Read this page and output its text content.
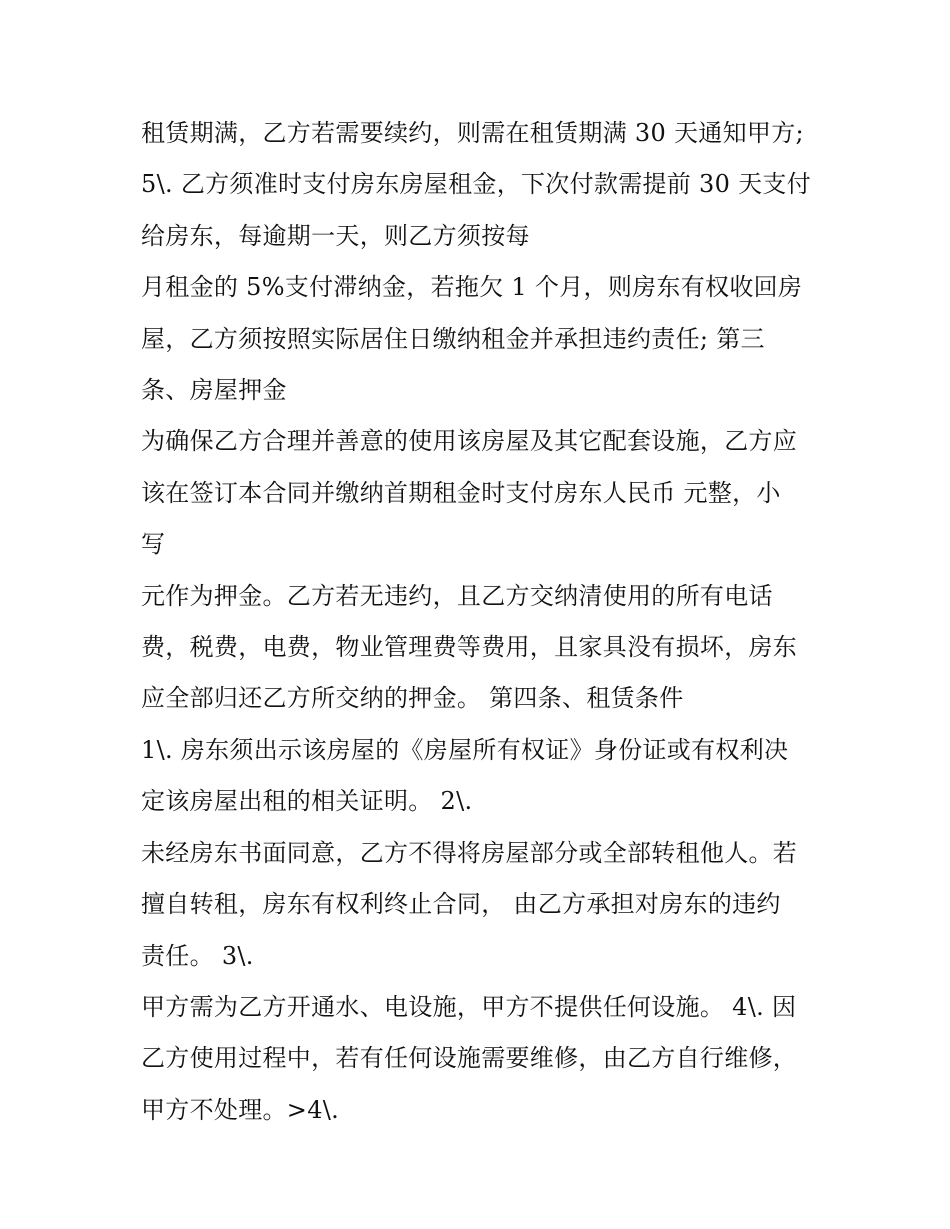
租赁期满，乙方若需要续约，则需在租赁期满 30 天通知甲方;
5\. 乙方须准时支付房东房屋租金，下次付款需提前 30 天支付
给房东，每逾期一天，则乙方须按每
月租金的 5%支付滞纳金，若拖欠 1 个月，则房东有权收回房
屋，乙方须按照实际居住日缴纳租金并承担违约责任; 第三
条、房屋押金
为确保乙方合理并善意的使用该房屋及其它配套设施，乙方应
该在签订本合同并缴纳首期租金时支付房东人民币 元整，小
写
元作为押金。乙方若无违约，且乙方交纳清使用的所有电话
费，税费，电费，物业管理费等费用，且家具没有损坏，房东
应全部归还乙方所交纳的押金。 第四条、租赁条件
1\. 房东须出示该房屋的《房屋所有权证》身份证或有权利决
定该房屋出租的相关证明。 2\.
未经房东书面同意，乙方不得将房屋部分或全部转租他人。若
擅自转租，房东有权利终止合同， 由乙方承担对房东的违约
责任。 3\.
甲方需为乙方开通水、电设施，甲方不提供任何设施。 4\. 因
乙方使用过程中，若有任何设施需要维修，由乙方自行维修，
甲方不处理。>4\.
